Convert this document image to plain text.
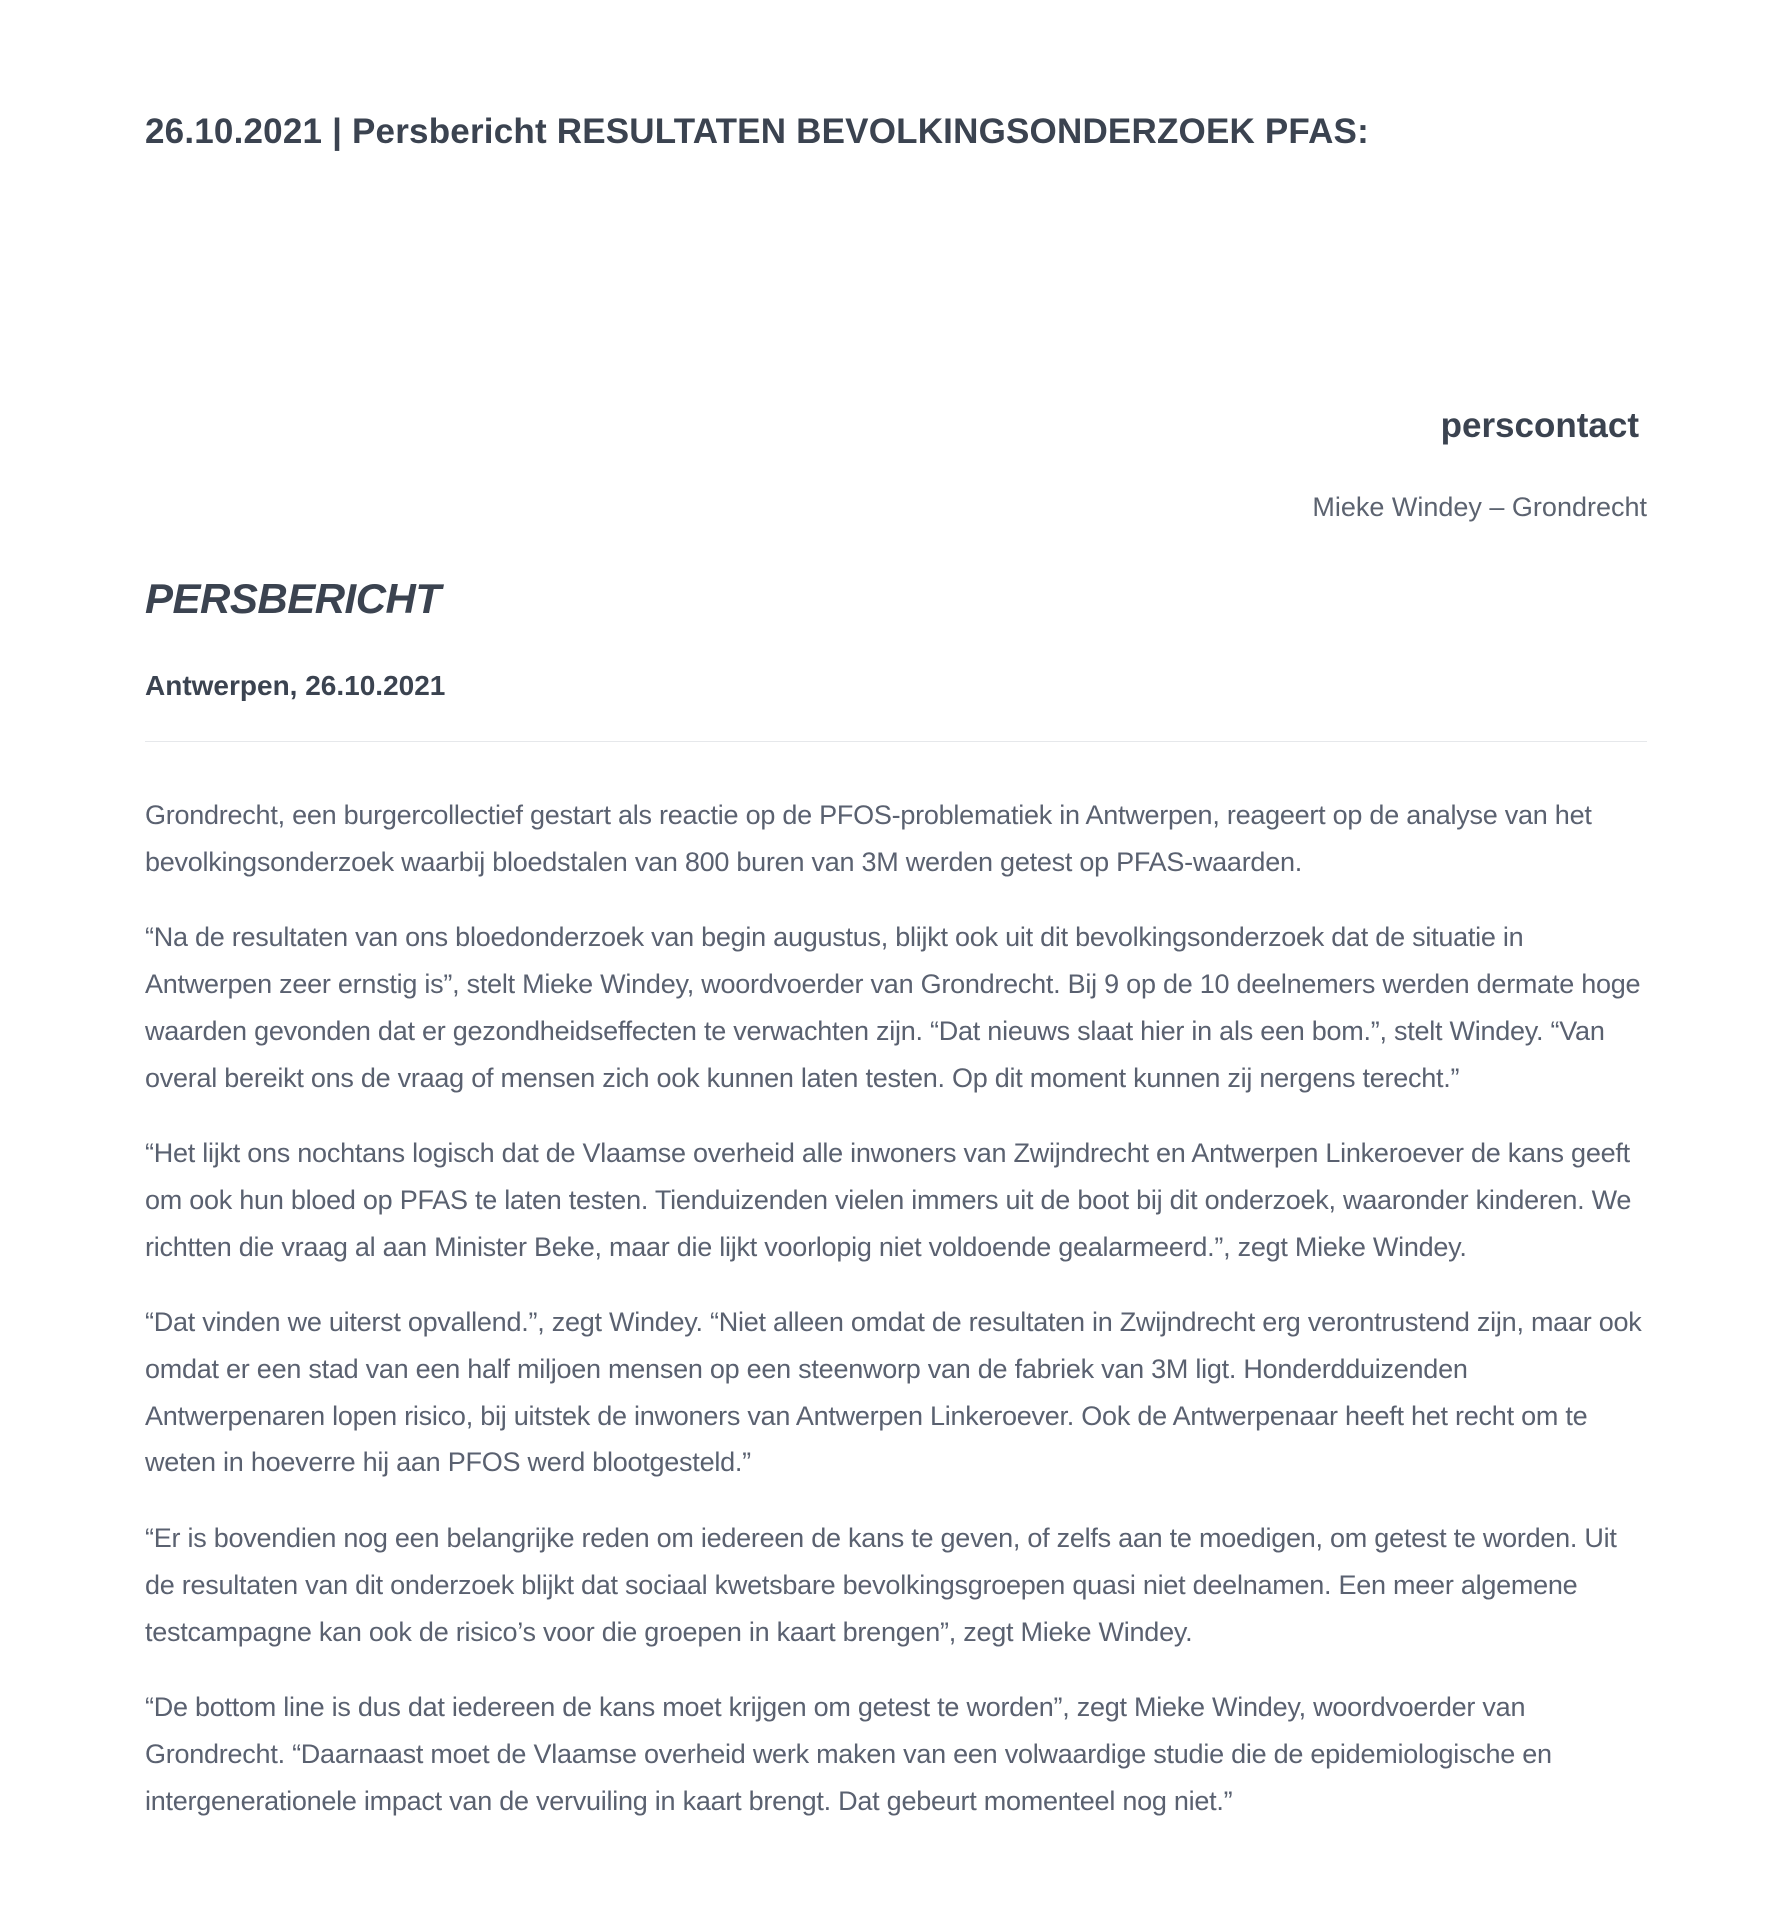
26.10.2021 | Persbericht RESULTATEN BEVOLKINGSONDERZOEK PFAS:
perscontact

Mieke Windey – Grondrecht

PERSBERICHT

Antwerpen, 26.10.2021

Grondrecht, een burgercollectief gestart als reactie op de PFOS-problematiek in Antwerpen, reageert op de analyse van het bevolkingsonderzoek waarbij bloedstalen van 800 buren van 3M werden getest op PFAS-waarden.

“Na de resultaten van ons bloedonderzoek van begin augustus, blijkt ook uit dit bevolkingsonderzoek dat de situatie in Antwerpen zeer ernstig is”, stelt Mieke Windey, woordvoerder van Grondrecht. Bij 9 op de 10 deelnemers werden dermate hoge waarden gevonden dat er gezondheidseffecten te verwachten zijn. “Dat nieuws slaat hier in als een bom.”, stelt Windey. “Van overal bereikt ons de vraag of mensen zich ook kunnen laten testen. Op dit moment kunnen zij nergens terecht.”

“Het lijkt ons nochtans logisch dat de Vlaamse overheid alle inwoners van Zwijndrecht en Antwerpen Linkeroever de kans geeft om ook hun bloed op PFAS te laten testen. Tienduizenden vielen immers uit de boot bij dit onderzoek, waaronder kinderen. We richtten die vraag al aan Minister Beke, maar die lijkt voorlopig niet voldoende gealarmeerd.”, zegt Mieke Windey.

“Dat vinden we uiterst opvallend.”, zegt Windey. “Niet alleen omdat de resultaten in Zwijndrecht erg verontrustend zijn, maar ook omdat er een stad van een half miljoen mensen op een steenworp van de fabriek van 3M ligt. Honderdduizenden Antwerpenaren lopen risico, bij uitstek de inwoners van Antwerpen Linkeroever. Ook de Antwerpenaar heeft het recht om te weten in hoeverre hij aan PFOS werd blootgesteld.”

“Er is bovendien nog een belangrijke reden om iedereen de kans te geven, of zelfs aan te moedigen, om getest te worden. Uit de resultaten van dit onderzoek blijkt dat sociaal kwetsbare bevolkingsgroepen quasi niet deelnamen. Een meer algemene testcampagne kan ook de risico’s voor die groepen in kaart brengen”, zegt Mieke Windey.

“De bottom line is dus dat iedereen de kans moet krijgen om getest te worden”, zegt Mieke Windey, woordvoerder van Grondrecht. “Daarnaast moet de Vlaamse overheid werk maken van een volwaardige studie die de epidemiologische en intergenerationele impact van de vervuiling in kaart brengt. Dat gebeurt momenteel nog niet.”
